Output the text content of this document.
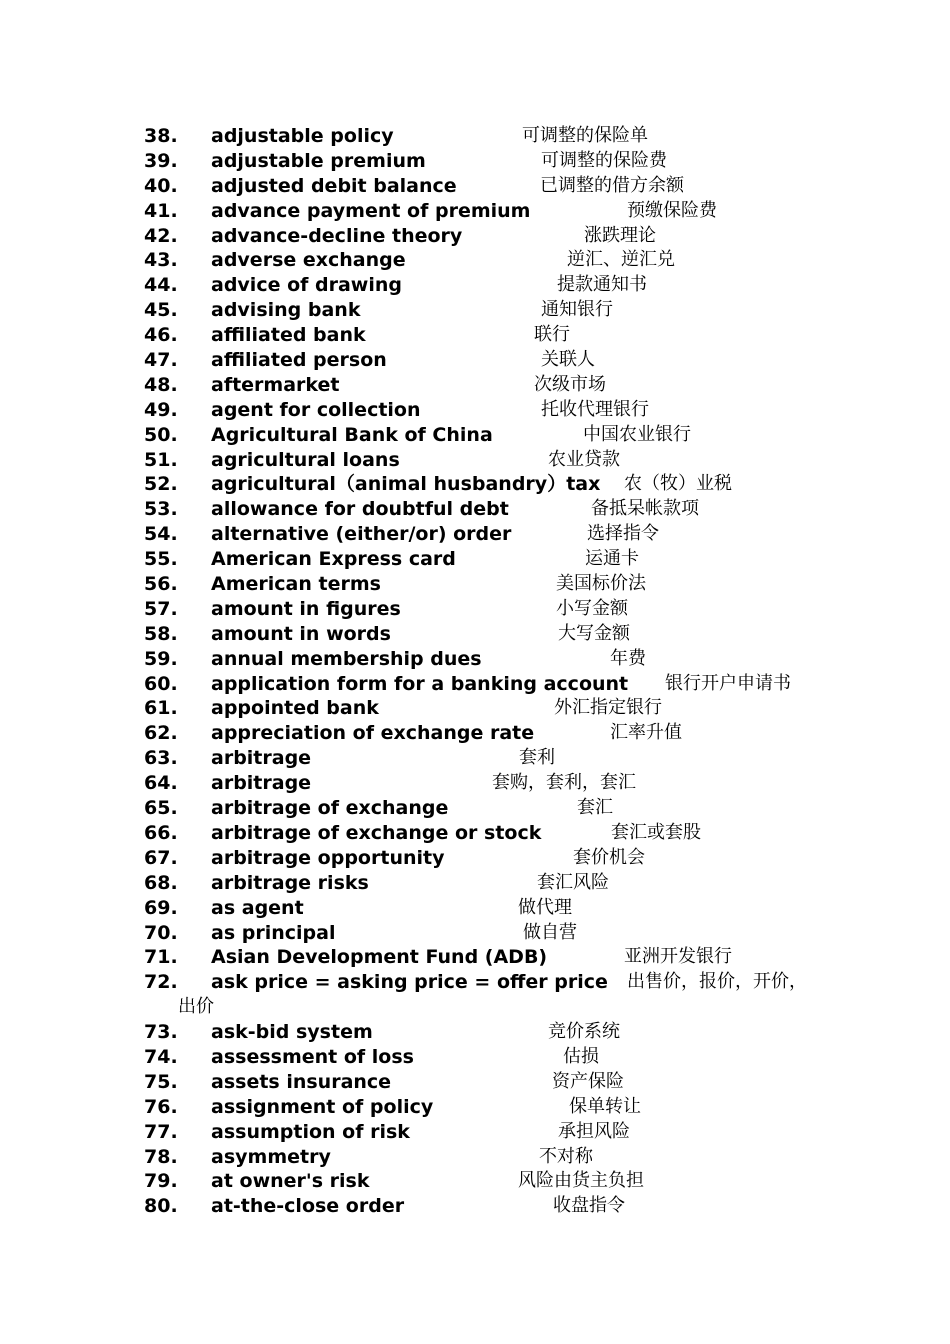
38. adjustable policy	可调整的保险单
39. adjustable premium	可调整的保险费
40. adjusted debit balance	已调整的借方余额
41. advance payment of premium	预缴保险费
42. advance-decline theory	涨跌理论
43. adverse exchange	逆汇、逆汇兑
44. advice of drawing	提款通知书
45. advising bank	通知银行
46. affiliated bank	联行
47. affiliated person	关联人
48. aftermarket	次级市场
49. agent for collection	托收代理银行
50. Agricultural Bank of China	中国农业银行
51. agricultural loans	农业贷款
52. agricultural（animal husbandry）tax 农（牧）业税
53. allowance for doubtful debt	备抵呆帐款项
54. alternative (either/or) order	选择指令
55. American Express card	运通卡
56. American terms	美国标价法
57. amount in figures	小写金额
58. amount in words	大写金额
59. annual membership dues	年费
60. application form for a banking account 银行开户申请书
61. appointed bank	外汇指定银行
62. appreciation of exchange rate	汇率升值
63. arbitrage	套利
64. arbitrage	套购，套利，套汇
65. arbitrage of exchange	套汇
66. arbitrage of exchange or stock	套汇或套股
67. arbitrage opportunity	套价机会
68. arbitrage risks	套汇风险
69. as agent	做代理
70. as principal	做自营
71. Asian Development Fund (ADB)	亚洲开发银行
72. ask price = asking price = offer price 出售价，报价，开价，
出价
73. ask-bid system	竞价系统
74. assessment of loss	估损
75. assets insurance	资产保险
76. assignment of policy	保单转让
77. assumption of risk	承担风险
78. asymmetry	不对称
79. at owner's risk	风险由货主负担
80. at-the-close order	收盘指令
